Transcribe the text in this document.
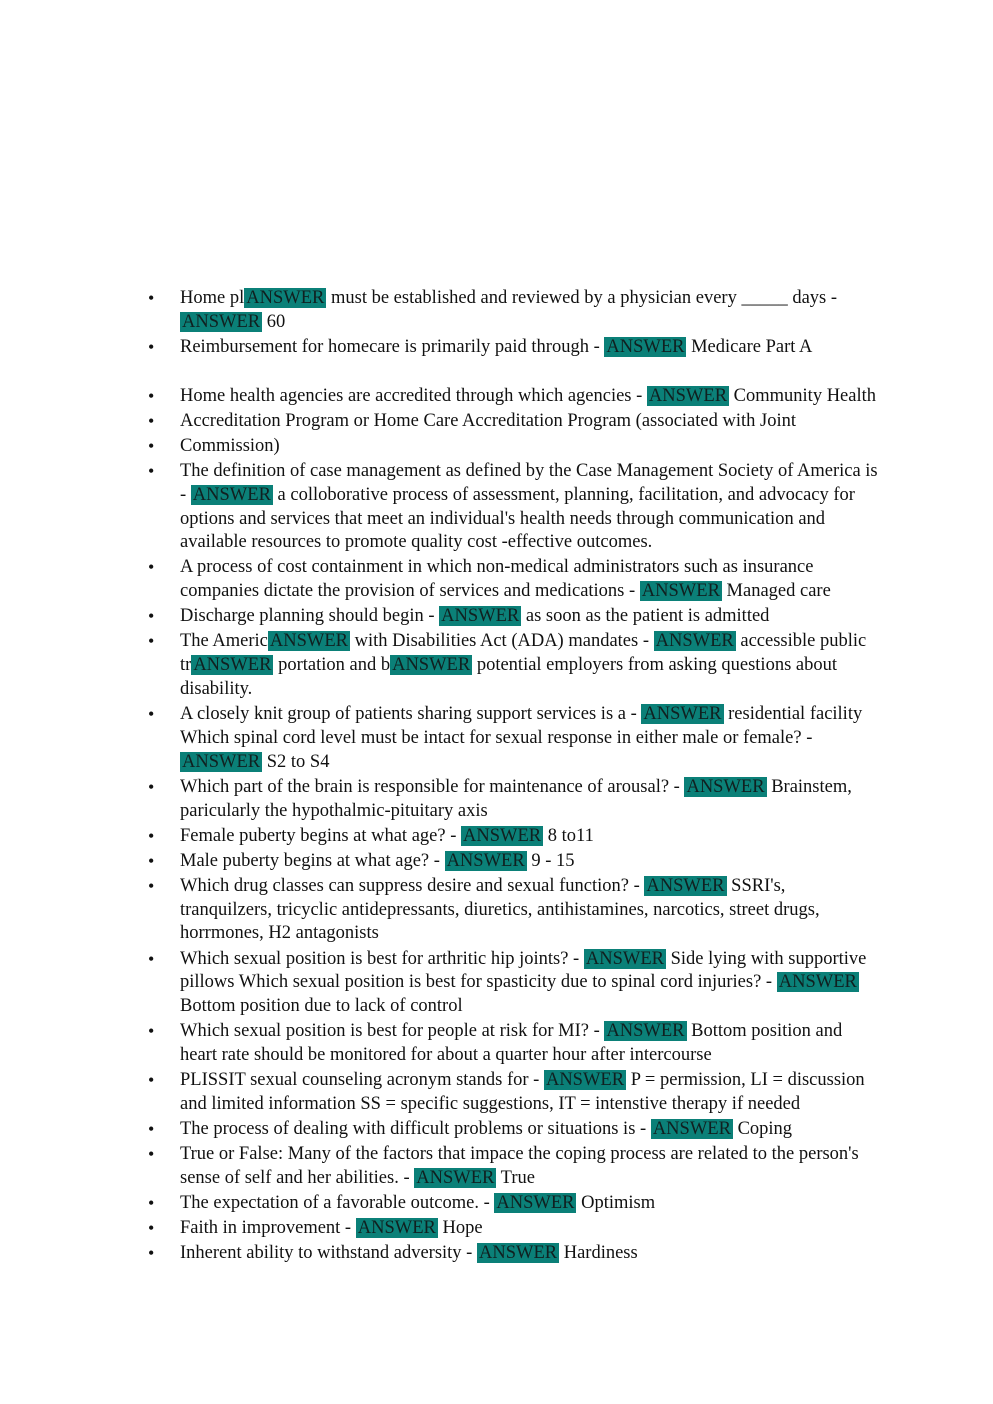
• Home pl ANSWER must be established and reviewed by a physician every _____ days - ANSWER 60
• Reimbursement for homecare is primarily paid through - ANSWER Medicare Part A
• Home health agencies are accredited through which agencies - ANSWER Community Health
• Accreditation Program or Home Care Accreditation Program (associated with Joint
• Commission)
• The definition of case management as defined by the Case Management Society of America is - ANSWER a colloborative process of assessment, planning, facilitation, and advocacy for options and services that meet an individual's health needs through communication and available resources to promote quality cost -effective outcomes.
• A process of cost containment in which non-medical administrators such as insurance companies dictate the provision of services and medications - ANSWER Managed care
• Discharge planning should begin - ANSWER as soon as the patient is admitted
• The Americ ANSWER with Disabilities Act (ADA) mandates - ANSWER accessible public tr ANSWER portation and b ANSWER potential employers from asking questions about disability.
• A closely knit group of patients sharing support services is a - ANSWER residential facility Which spinal cord level must be intact for sexual response in either male or female? - ANSWER S2 to S4
• Which part of the brain is responsible for maintenance of arousal? - ANSWER Brainstem, paricularly the hypothalmic-pituitary axis
• Female puberty begins at what age? - ANSWER 8 to11
• Male puberty begins at what age? - ANSWER 9 - 15
• Which drug classes can suppress desire and sexual function? - ANSWER SSRI's, tranquilzers, tricyclic antidepressants, diuretics, antihistamines, narcotics, street drugs, horrmones, H2 antagonists
• Which sexual position is best for arthritic hip joints? - ANSWER Side lying with supportive pillows Which sexual position is best for spasticity due to spinal cord injuries? - ANSWER Bottom position due to lack of control
• Which sexual position is best for people at risk for MI? - ANSWER Bottom position and heart rate should be monitored for about a quarter hour after intercourse
• PLISSIT sexual counseling acronym stands for - ANSWER P = permission, LI = discussion and limited information SS = specific suggestions, IT = intenstive therapy if needed
• The process of dealing with difficult problems or situations is - ANSWER Coping
• True or False: Many of the factors that impace the coping process are related to the person's sense of self and her abilities. - ANSWER True
• The expectation of a favorable outcome. - ANSWER Optimism
• Faith in improvement - ANSWER Hope
• Inherent ability to withstand adversity - ANSWER Hardiness
